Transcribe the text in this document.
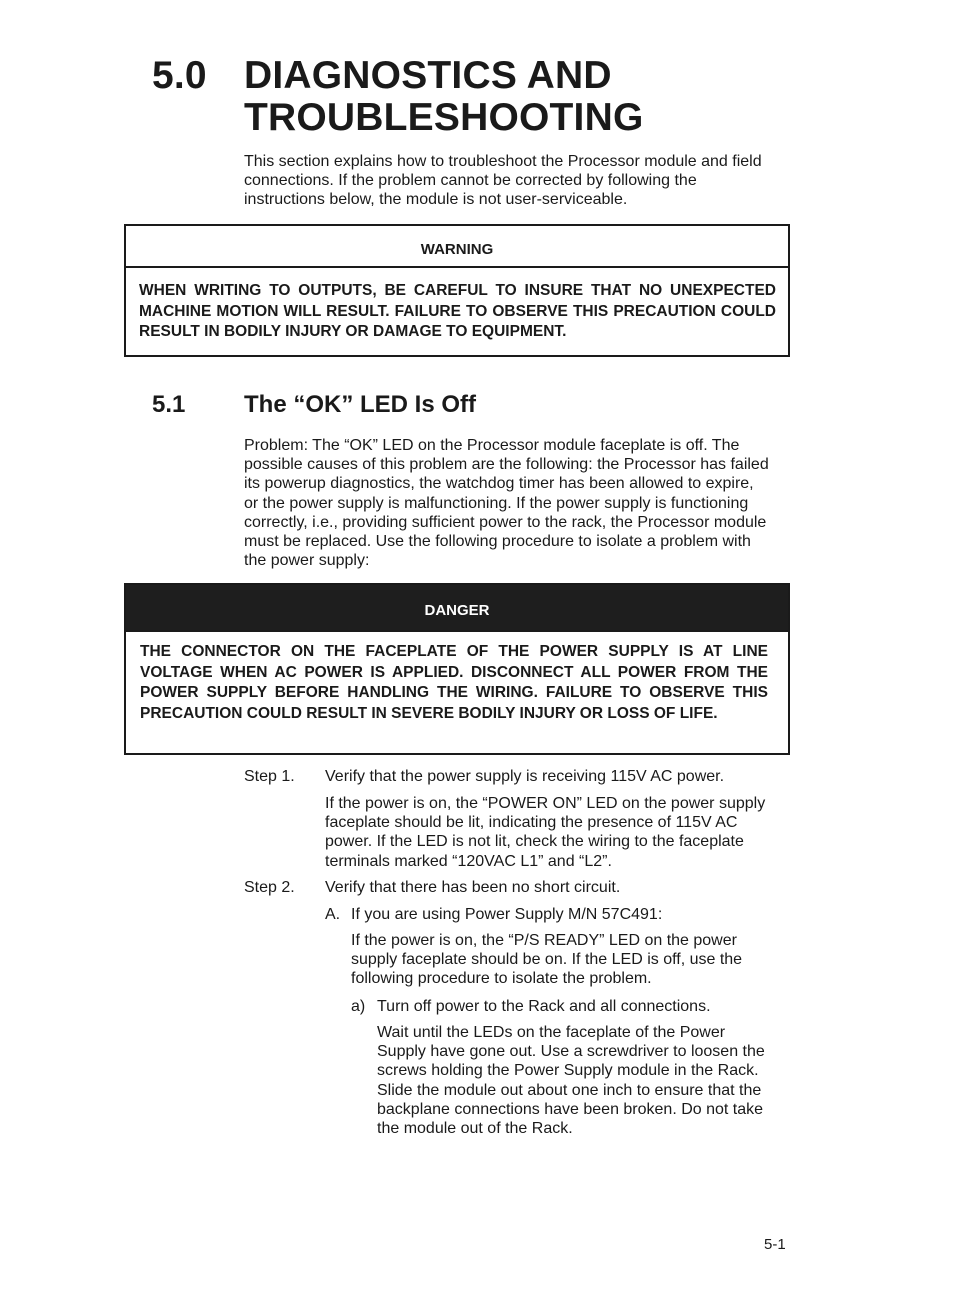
5.0 DIAGNOSTICS AND
TROUBLESHOOTING
This section explains how to troubleshoot the Processor module and field connections. If the problem cannot be corrected by following the instructions below, the module is not user-serviceable.
WARNING
WHEN WRITING TO OUTPUTS, BE CAREFUL TO INSURE THAT NO UNEXPECTED MACHINE MOTION WILL RESULT. FAILURE TO OBSERVE THIS PRECAUTION COULD RESULT IN BODILY INJURY OR DAMAGE TO EQUIPMENT.
5.1 The “OK” LED Is Off
Problem: The “OK” LED on the Processor module faceplate is off. The possible causes of this problem are the following: the Processor has failed its powerup diagnostics, the watchdog timer has been allowed to expire, or the power supply is malfunctioning. If the power supply is functioning correctly, i.e., providing sufficient power to the rack, the Processor module must be replaced. Use the following procedure to isolate a problem with the power supply:
DANGER
THE CONNECTOR ON THE FACEPLATE OF THE POWER SUPPLY IS AT LINE VOLTAGE WHEN AC POWER IS APPLIED. DISCONNECT ALL POWER FROM THE POWER SUPPLY BEFORE HANDLING THE WIRING. FAILURE TO OBSERVE THIS PRECAUTION COULD RESULT IN SEVERE BODILY INJURY OR LOSS OF LIFE.
Step 1. Verify that the power supply is receiving 115V AC power.
If the power is on, the “POWER ON” LED on the power supply faceplate should be lit, indicating the presence of 115V AC power. If the LED is not lit, check the wiring to the faceplate terminals marked “120VAC L1” and “L2”.
Step 2. Verify that there has been no short circuit.
A. If you are using Power Supply M/N 57C491:
If the power is on, the “P/S READY” LED on the power supply faceplate should be on. If the LED is off, use the following procedure to isolate the problem.
a) Turn off power to the Rack and all connections.
Wait until the LEDs on the faceplate of the Power Supply have gone out. Use a screwdriver to loosen the screws holding the Power Supply module in the Rack. Slide the module out about one inch to ensure that the backplane connections have been broken. Do not take the module out of the Rack.
5-1
